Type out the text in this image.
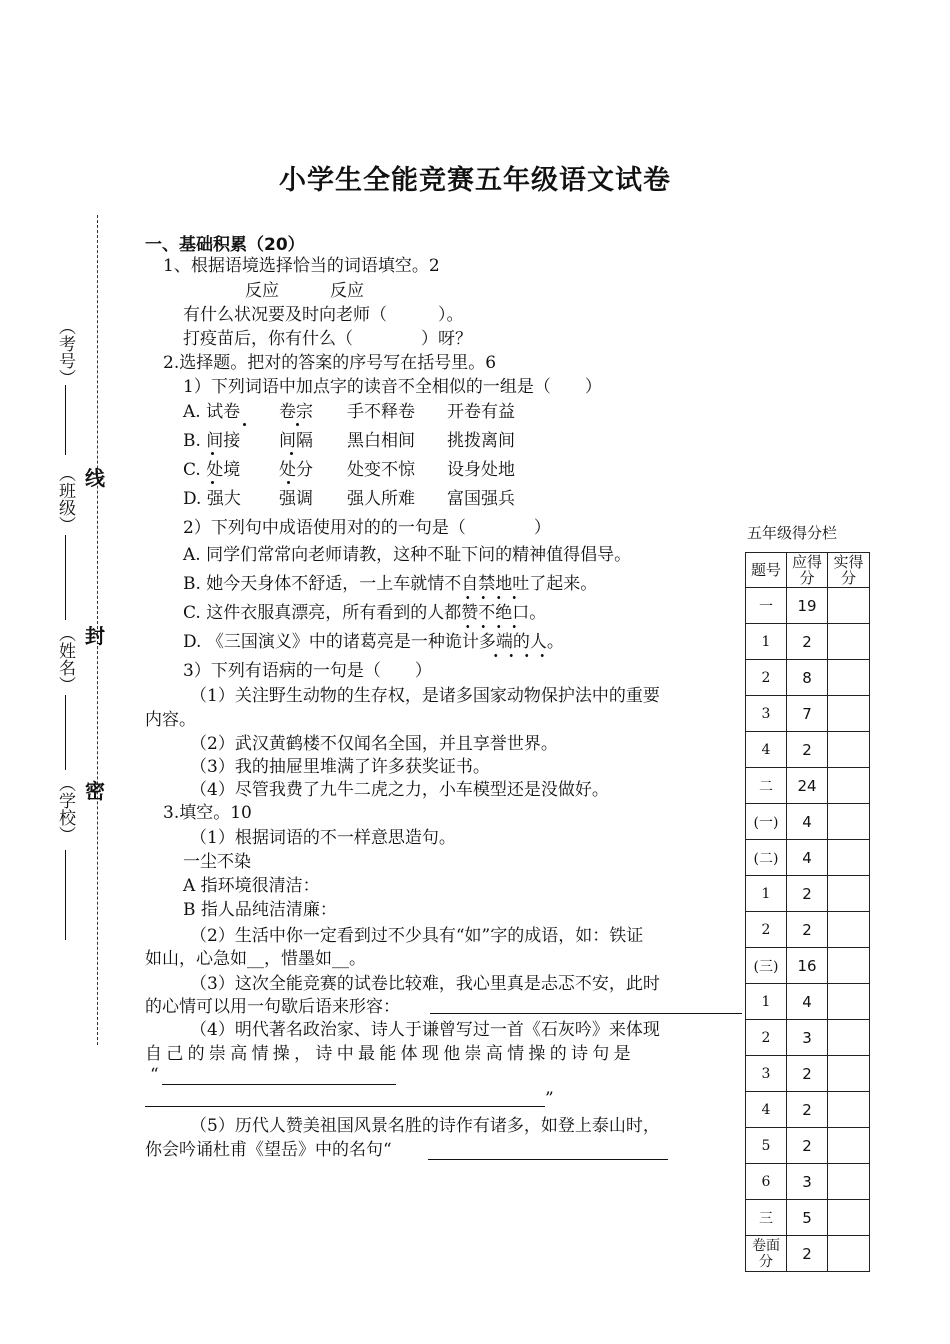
小学生全能竞赛五年级语文试卷
（考号）
（班级）
（姓名）
（学校）
线
封
密
一、基础积累（20）
1、根据语境选择恰当的词语填空。2
反应	反应
有什么状况要及时向老师（　　　）。
打疫苗后，你有什么（　　　　）呀？
2.选择题。把对的答案的序号写在括号里。6
1）下列词语中加点字的读音不全相似的一组是（　　）
A. 试卷 卷宗 手不释卷 开卷有益
B. 间接 间隔 黑白相间 挑拨离间
C. 处境 处分 处变不惊 设身处地
D. 强大 强调 强人所难 富国强兵
2）下列句中成语使用对的的一句是（　　　　）
A. 同学们常常向老师请教，这种不耻下问的精神值得倡导。
B. 她今天身体不舒适，一上车就情不自禁地吐了起来。
C. 这件衣服真漂亮，所有看到的人都赞不绝口。
D. 《三国演义》中的诸葛亮是一种诡计多端的人。
3）下列有语病的一句是（　　）
（1）关注野生动物的生存权，是诸多国家动物保护法中的重要
内容。
（2）武汉黄鹤楼不仅闻名全国，并且享誉世界。
（3）我的抽屉里堆满了许多获奖证书。
（4）尽管我费了九牛二虎之力，小车模型还是没做好。
3.填空。10
（1）根据词语的不一样意思造句。
一尘不染
A 指环境很清洁：
B 指人品纯洁清廉：
（2）生活中你一定看到过不少具有“如”字的成语，如：铁证
如山，心急如__，惜墨如__。
（3）这次全能竞赛的试卷比较难，我心里真是忐忑不安，此时
的心情可以用一句歇后语来形容：
（4）明代著名政治家、诗人于谦曾写过一首《石灰吟》来体现
自己的崇高情操，诗中最能体现他崇高情操的诗句是
“
”
（5）历代人赞美祖国风景名胜的诗作有诸多，如登上泰山时，
你会吟诵杜甫《望岳》中的名句“
五年级得分栏
题号	应得分	实得分

一	19	
1	2	
2	8	
3	7	
4	2	
二	24	
(一)	4	
(二)	4	
1	2	
2	2	
(三)	16	
1	4	
2	3	
3	2	
4	2	
5	2	
6	3	
三	5	
卷面分	2	
